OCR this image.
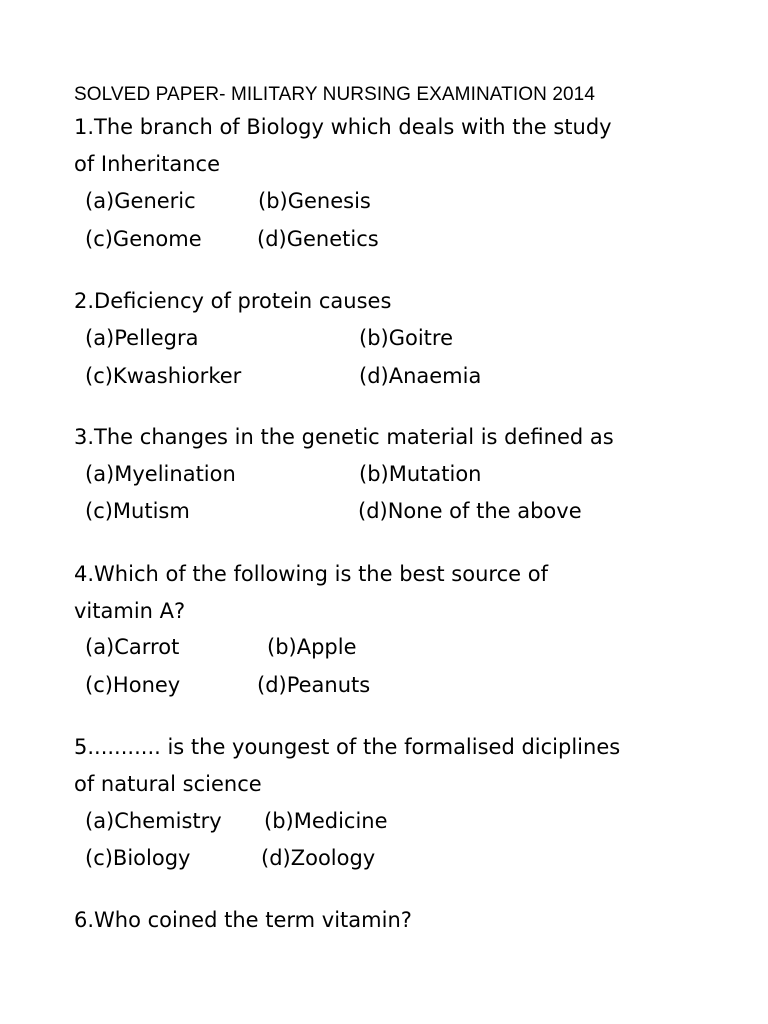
SOLVED PAPER- MILITARY NURSING EXAMINATION 2014
1.The branch of Biology which deals with the study
of Inheritance
(a)Generic	(b)Genesis
(c)Genome	(d)Genetics
2.Deficiency of protein causes
(a)Pellegra	(b)Goitre
(c)Kwashiorker	(d)Anaemia
3.The changes in the genetic material is defined as
(a)Myelination	(b)Mutation
(c)Mutism	(d)None of the above
4.Which of the following is the best source of
vitamin A?
(a)Carrot	(b)Apple
(c)Honey	(d)Peanuts
5........... is the youngest of the formalised diciplines
of natural science
(a)Chemistry (b)Medicine
(c)Biology	(d)Zoology
6.Who coined the term vitamin?
